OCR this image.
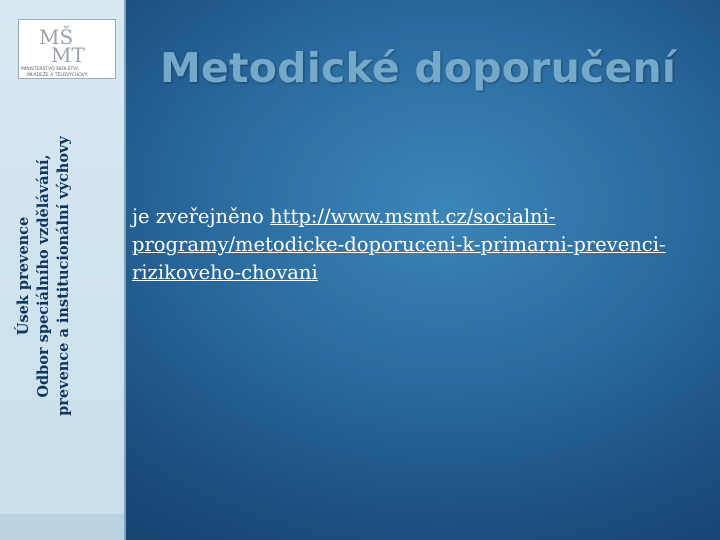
MŠ
MT
MINISTERSTVO ŠKOLSTVÍ,
MLÁDEŽE A TĚLOVÝCHOVY
Úsek prevence Odbor speciálního vzdělávání, prevence a institucionální výchovy
Metodické doporučení

je zveřejněno http://www.msmt.cz/socialni-programy/metodicke-doporuceni-k-primarni-prevenci-rizikoveho-chovani
